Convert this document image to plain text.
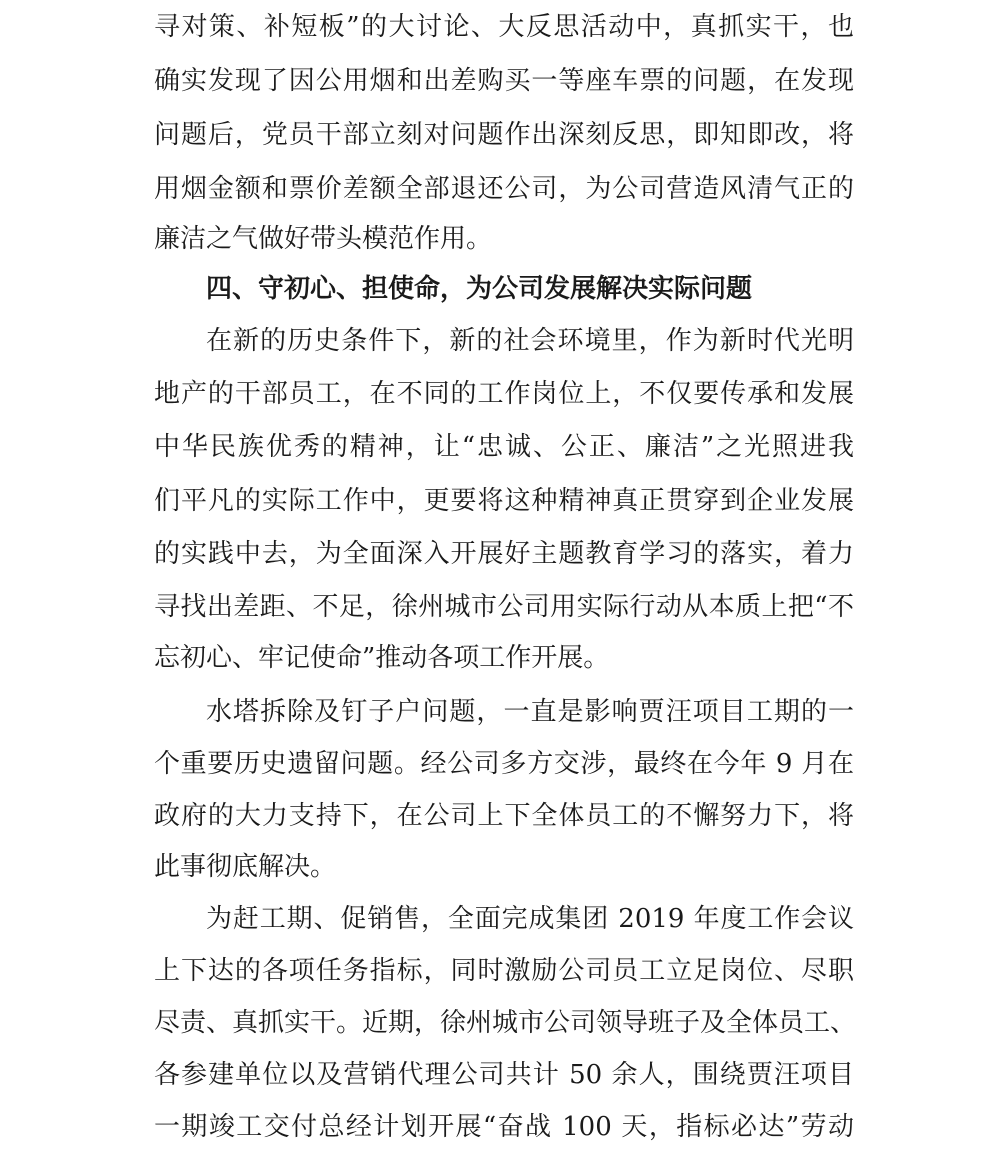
寻对策、补短板”的大讨论、大反思活动中，真抓实干，也
确实发现了因公用烟和出差购买一等座车票的问题，在发现
问题后，党员干部立刻对问题作出深刻反思，即知即改，将
用烟金额和票价差额全部退还公司，为公司营造风清气正的
廉洁之气做好带头模范作用。
四、守初心、担使命，为公司发展解决实际问题
在新的历史条件下，新的社会环境里，作为新时代光明
地产的干部员工，在不同的工作岗位上，不仅要传承和发展
中华民族优秀的精神，让“忠诚、公正、廉洁”之光照进我
们平凡的实际工作中，更要将这种精神真正贯穿到企业发展
的实践中去，为全面深入开展好主题教育学习的落实，着力
寻找出差距、不足，徐州城市公司用实际行动从本质上把“不
忘初心、牢记使命”推动各项工作开展。
水塔拆除及钉子户问题，一直是影响贾汪项目工期的一
个重要历史遗留问题。经公司多方交涉，最终在今年 9 月在
政府的大力支持下，在公司上下全体员工的不懈努力下，将
此事彻底解决。
为赶工期、促销售，全面完成集团 2019 年度工作会议
上下达的各项任务指标，同时激励公司员工立足岗位、尽职
尽责、真抓实干。近期，徐州城市公司领导班子及全体员工、
各参建单位以及营销代理公司共计 50 余人，围绕贾汪项目
一期竣工交付总经计划开展“奋战 100 天，指标必达”劳动
